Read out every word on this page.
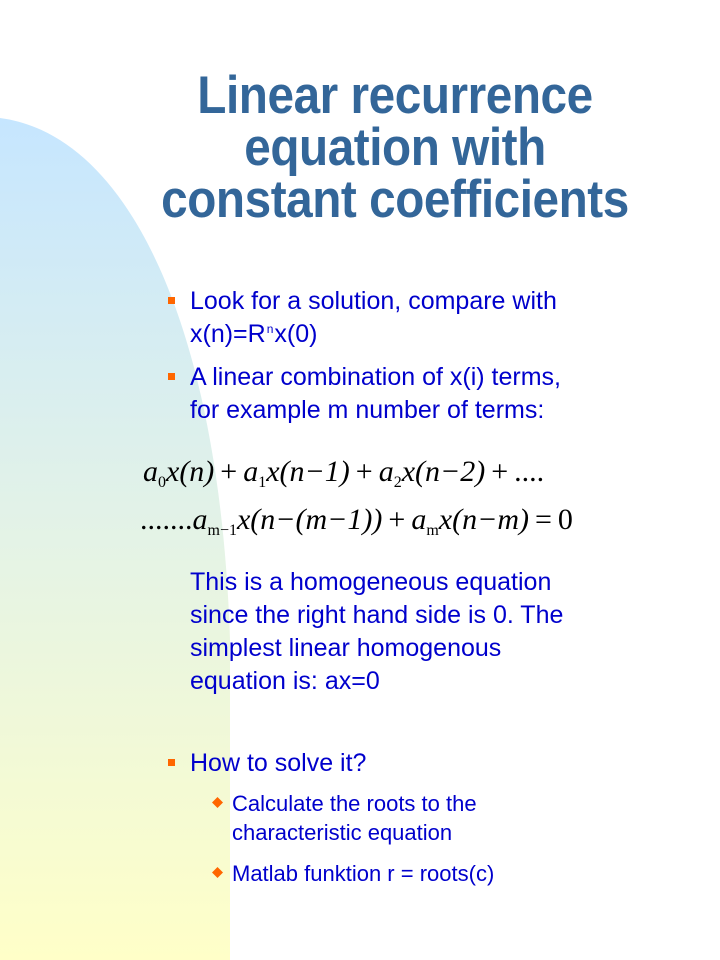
Linear recurrence
equation with
constant coefficients
Look for a solution, compare with
$x(n)=R^nx(0)$
A linear combination of x(i) terms,
for example m number of terms:
$a_0x(n) + a_1x(n-1) + a_2x(n-2)$ + ....
$.......a_{m-1}x(n-(m-1)) + a_mx(n-m) = 0$
This is a homogeneous equation
since the right hand side is 0. The
simplest linear homogenous
equation is: ax=0
How to solve it?
Calculate the roots to the
characteristic equation
Matlab funktion r = roots(c)
